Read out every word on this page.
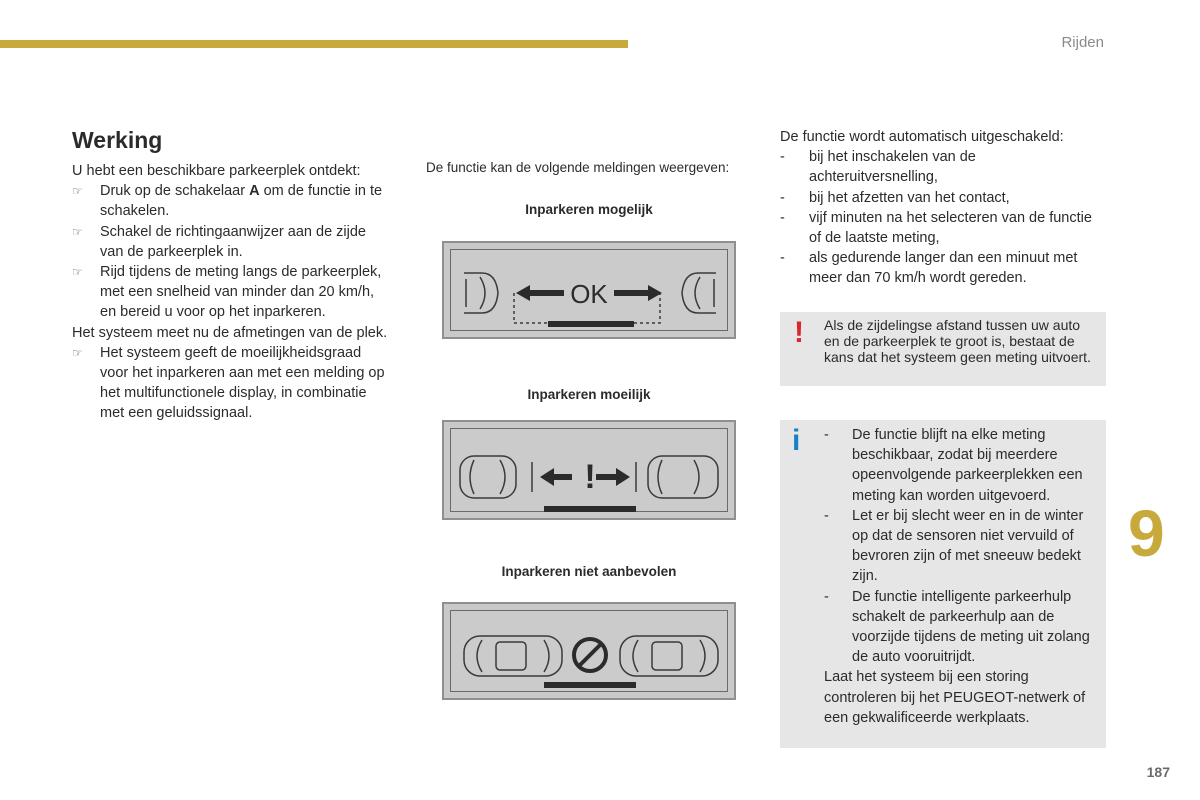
Rijden
9
187
Werking

U hebt een beschikbare parkeerplek ontdekt:

☞ Druk op de schakelaar A om de functie in te schakelen.
☞ Schakel de richtingaanwijzer aan de zijde van de parkeerplek in.
☞ Rijd tijdens de meting langs de parkeerplek, met een snelheid van minder dan 20 km/h, en bereid u voor op het inparkeren.

Het systeem meet nu de afmetingen van de plek.

☞ Het systeem geeft de moeilijkheidsgraad voor het inparkeren aan met een melding op het multifunctionele display, in combinatie met een geluidssignaal.
De functie kan de volgende meldingen weergeven:
Inparkeren mogelijk
OK
Inparkeren moeilijk
!
Inparkeren niet aanbevolen

De functie wordt automatisch uitgeschakeld:

- bij het inschakelen van de achteruitversnelling,
- bij het afzetten van het contact,
- vijf minuten na het selecteren van de functie of de laatste meting,
- als gedurende langer dan een minuut met meer dan 70 km/h wordt gereden.
! Als de zijdelingse afstand tussen uw auto en de parkeerplek te groot is, bestaat de kans dat het systeem geen meting uitvoert.
i - De functie blijft na elke meting beschikbaar, zodat bij meerdere opeenvolgende parkeerplekken een meting kan worden uitgevoerd.
- Let er bij slecht weer en in de winter op dat de sensoren niet vervuild of bevroren zijn of met sneeuw bedekt zijn.
- De functie intelligente parkeerhulp schakelt de parkeerhulp aan de voorzijde tijdens de meting uit zolang de auto vooruitrijdt.

Laat het systeem bij een storing controleren bij het PEUGEOT-netwerk of een gekwalificeerde werkplaats.
